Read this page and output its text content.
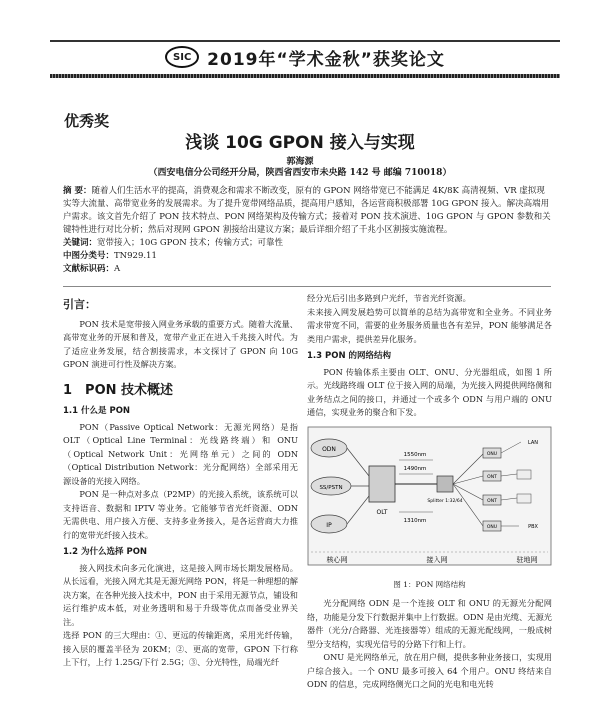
SIC 2019年“学术金秋”获奖论文
优秀奖
浅谈 10G GPON 接入与实现
郭海源
（西安电信分公司经开分局，陕西省西安市未央路 142 号 邮编 710018）
摘 要：随着人们生活水平的提高，消费观念和需求不断改变，原有的 GPON 网络带宽已不能满足 4K/8K 高清视频、VR 虚拟现实等大流量、高带宽业务的发展需求。为了提升宽带网络品质，提高用户感知，各运营商积极部署 10G GPON 接入。解决高端用户需求。该文首先介绍了 PON 技术特点、PON 网络架构及传输方式；接着对 PON 技术演进、10G GPON 与 GPON 参数和关键特性进行对比分析；然后对现网 GPON 割接给出建议方案；最后详细介绍了千兆小区割接实施流程。
关键词：宽带接入；10G GPON 技术；传输方式；可靠性
中图分类号：TN929.11
文献标识码：A
引言：

PON 技术是宽带接入网业务承载的重要方式。随着大流量、高带宽业务的开展和普及，宽带产业正在进入千兆接入时代。为了适应业务发展，结合割接需求，本文探讨了 GPON 向 10G GPON 演进可行性及解决方案。

1　PON 技术概述
1.1 什么是 PON

PON（Passive Optical Network：无源光网络）是指 OLT（Optical Line Terminal：光线路终端）和 ONU（Optical Network Unit：光网络单元）之间的 ODN（Optical Distribution Network：光分配网络）全部采用无源设备的光接入网络。

PON 是一种点对多点（P2MP）的光接入系统，该系统可以支持语音、数据和 IPTV 等业务。它能够节省光纤资源、ODN 无需供电、用户接入方便、支持多业务接入，是各运营商大力推行的宽带光纤接入技术。

1.2 为什么选择 PON

接入网技术向多元化演进，这是接入网市场长期发展格局。从长远看，光接入网尤其是无源光网络 PON，将是一种理想的解决方案，在各种光接入技术中，PON 由于采用无源节点，铺设和运行维护成本低，对业务透明和易于升级等优点而备受业界关注。

选择 PON 的三大理由：①、更远的传输距离，采用光纤传输，接入层的覆盖半径为 20KM；②、更高的宽带，GPON 下行称上下行，上行 1.25G/下行 2.5G；③、分光特性，局端光纤

经分光后引出多路到户光纤，节省光纤资源。

未来接入网发展趋势可以简单的总结为高带宽和全业务。不同业务需求带宽不同，需要的业务服务质量也各有差异，PON 能够满足各类用户需求，提供差异化服务。

1.3 PON 的网络结构

PON 传输体系主要由 OLT、ONU、分光器组成，如图 1 所示。光线路终端 OLT 位于接入网的局端，为光接入网提供网络侧和业务结点之间的接口，并通过一个或多个 ODN 与用户端的 ONU 通信，实现业务的聚合和下发。

ODN
SS/PSTN
IP
OLT
1550nm
1490nm
1310nm
Splitter 1:32/64
ONU
ONT
ONT
ONU
LAN
PBX
核心网	接入网	驻地网
图 1：PON 网络结构

光分配网络 ODN 是一个连接 OLT 和 ONU 的无源光分配网络，功能是分发下行数据并集中上行数据。ODN 是由光缆、无源光器件（光分/合路器、光连接器等）组成的无源光配线网，一般成树型分支结构，实现光信号的分路下行和上行。

ONU 是光网络单元，放在用户侧，提供多种业务接口，实现用户综合接入。一个 ONU 最多可接入 64 个用户。ONU 终结来自 ODN 的信息，完成网络侧光口之间的光电和电光转
